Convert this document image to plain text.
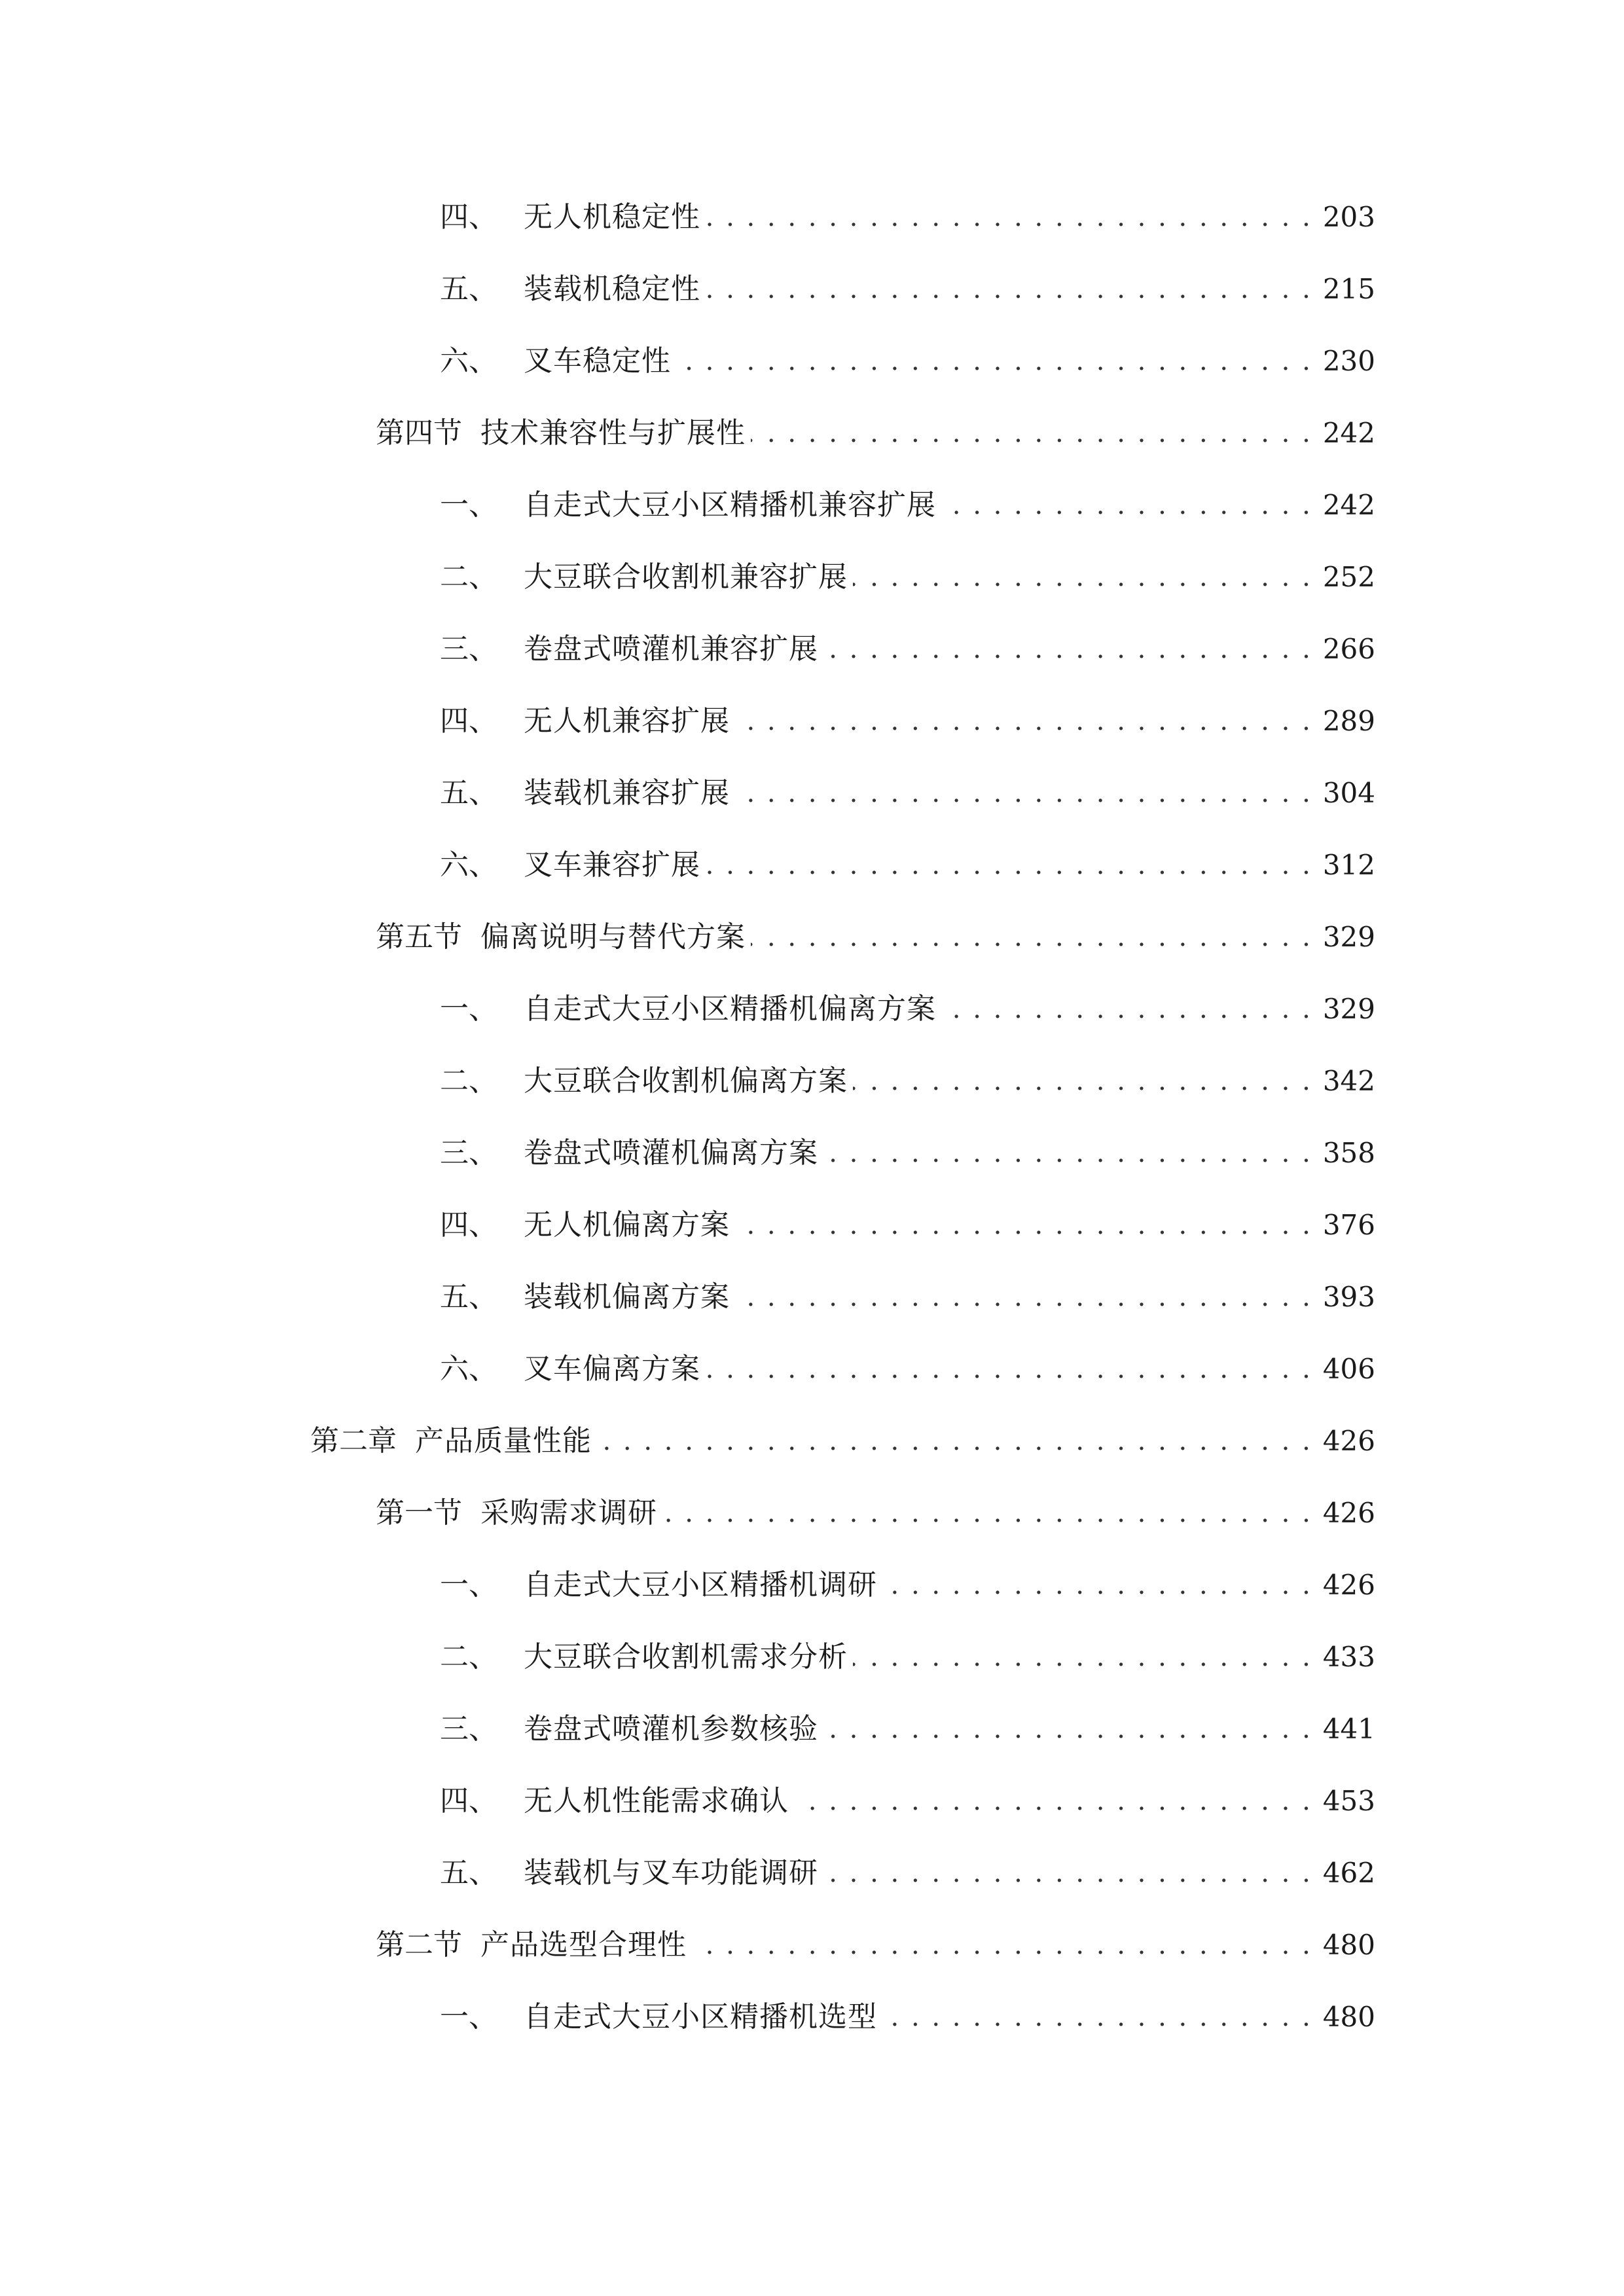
四、 无人机稳定性 . . .	203
五、 装载机稳定性 . . .	215
六、 叉车稳定性 . . .	230
第四节 技术兼容性与扩展性 . . .	242
一、 自走式大豆小区精播机兼容扩展 . . .	242
二、 大豆联合收割机兼容扩展 . . .	252
三、 卷盘式喷灌机兼容扩展 . . .	266
四、 无人机兼容扩展 . . .	289
五、 装载机兼容扩展 . . .	304
六、 叉车兼容扩展 . . .	312
第五节 偏离说明与替代方案 . . .	329
一、 自走式大豆小区精播机偏离方案 . . .	329
二、 大豆联合收割机偏离方案 . . .	342
三、 卷盘式喷灌机偏离方案 . . .	358
四、 无人机偏离方案 . . .	376
五、 装载机偏离方案 . . .	393
六、 叉车偏离方案 . . .	406
第二章 产品质量性能 . . .	426
第一节 采购需求调研 . . .	426
一、 自走式大豆小区精播机调研 . . .	426
二、 大豆联合收割机需求分析 . . .	433
三、 卷盘式喷灌机参数核验 . . .	441
四、 无人机性能需求确认 . . .	453
五、 装载机与叉车功能调研 . . .	462
第二节 产品选型合理性 . . .	480
一、 自走式大豆小区精播机选型 . . .	480
